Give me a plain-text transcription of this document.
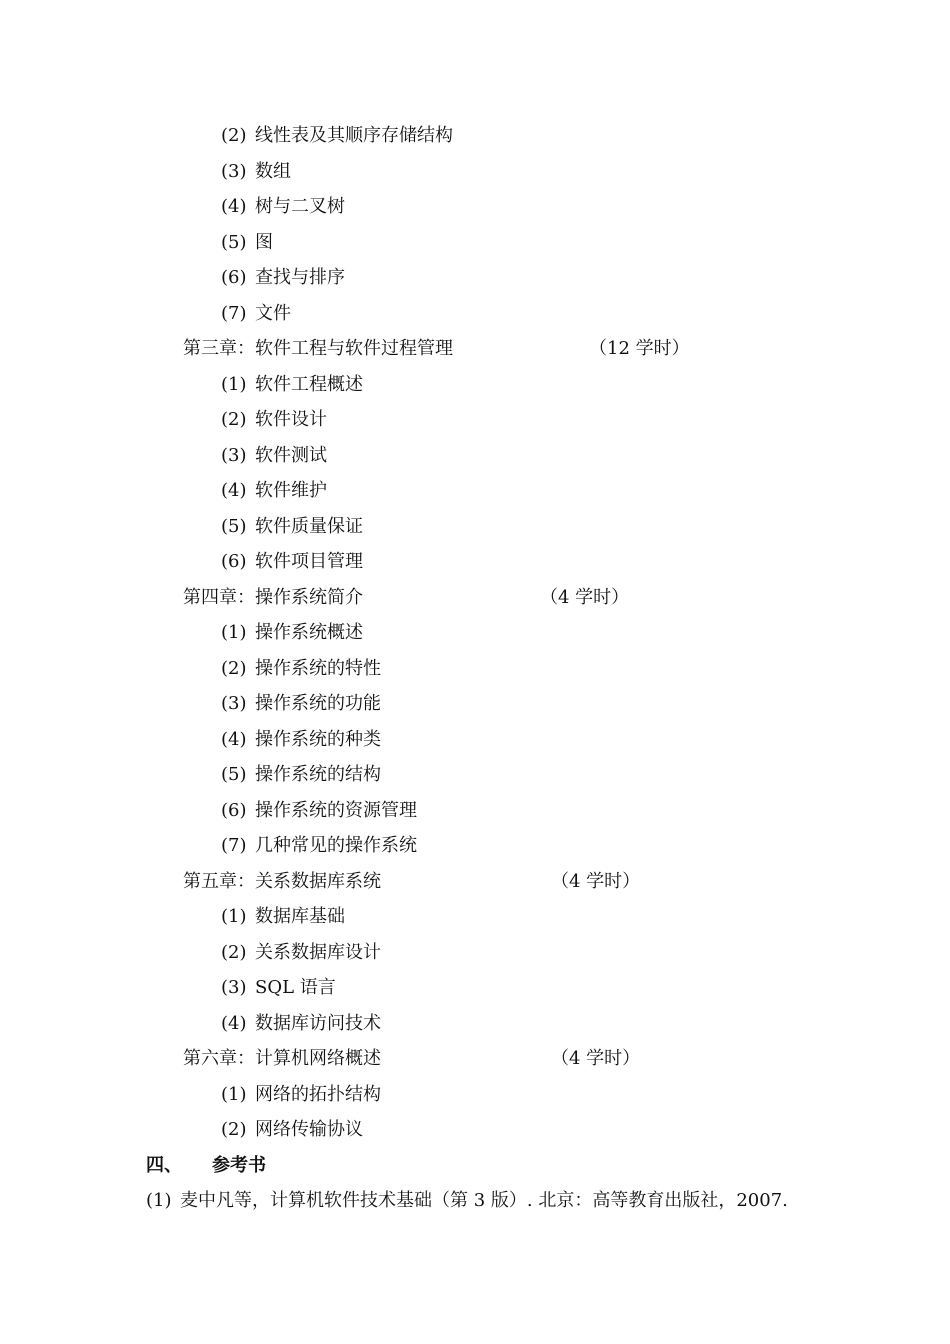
(2) 线性表及其顺序存储结构
(3) 数组
(4) 树与二叉树
(5) 图
(6) 查找与排序
(7) 文件
第三章：软件工程与软件过程管理	（12 学时）
(1) 软件工程概述
(2) 软件设计
(3) 软件测试
(4) 软件维护
(5) 软件质量保证
(6) 软件项目管理
第四章：操作系统简介	（4 学时）
(1) 操作系统概述
(2) 操作系统的特性
(3) 操作系统的功能
(4) 操作系统的种类
(5) 操作系统的结构
(6) 操作系统的资源管理
(7) 几种常见的操作系统
第五章：关系数据库系统	（4 学时）
(1) 数据库基础
(2) 关系数据库设计
(3) SQL 语言
(4) 数据库访问技术
第六章：计算机网络概述	（4 学时）
(1) 网络的拓扑结构
(2) 网络传输协议
四、 参考书
(1) 麦中凡等，计算机软件技术基础（第 3 版）. 北京：高等教育出版社，2007.
